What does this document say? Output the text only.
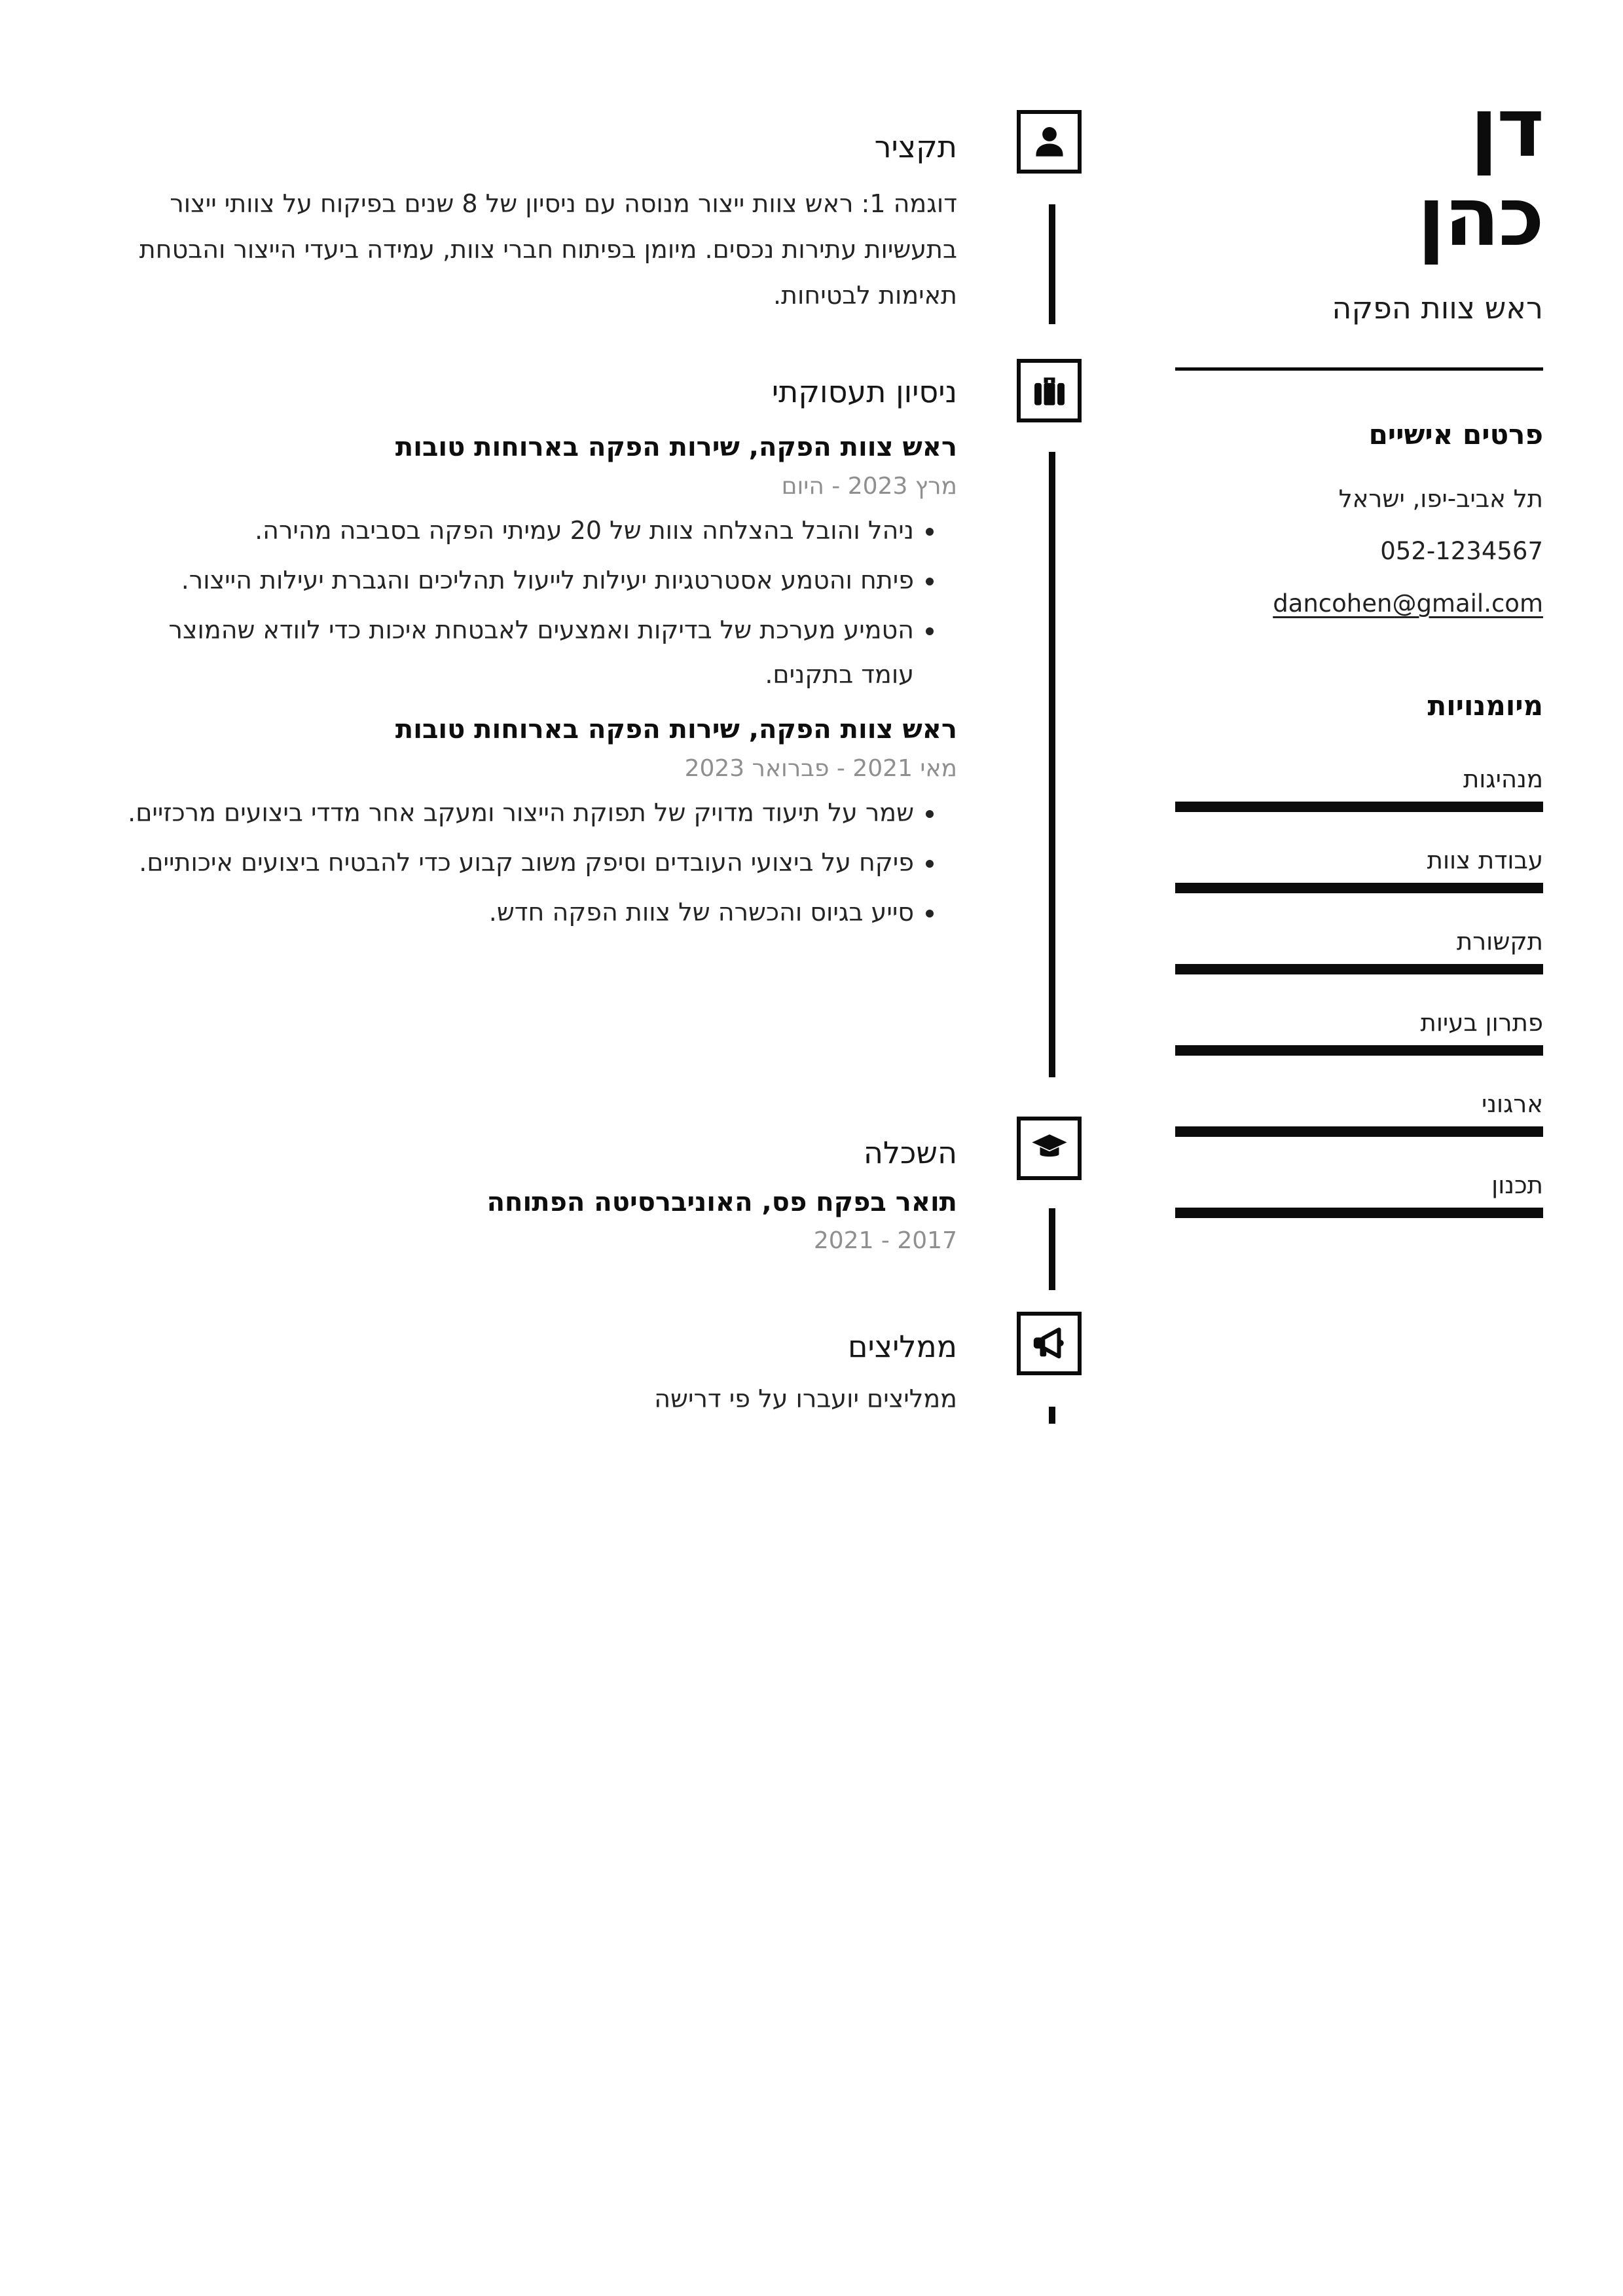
דן
כהן
ראש צוות הפקה
פרטים אישיים
תל אביב-יפו, ישראל
052-1234567
dancohen@gmail.com
מיומנויות
מנהיגות
עבודת צוות
תקשורת
פתרון בעיות
ארגוני
תכנון
תקציר

דוגמה 1: ראש צוות ייצור מנוסה עם ניסיון של 8 שנים בפיקוח על צוותי ייצור בתעשיות עתירות נכסים. מיומן בפיתוח חברי צוות, עמידה ביעדי הייצור והבטחת תאימות לבטיחות.

ניסיון תעסוקתי
ראש צוות הפקה, שירות הפקה בארוחות טובות
מרץ 2023 - היום
• ניהל והובל בהצלחה צוות של 20 עמיתי הפקה בסביבה מהירה.
• פיתח והטמע אסטרטגיות יעילות לייעול תהליכים והגברת יעילות הייצור.
• הטמיע מערכת של בדיקות ואמצעים לאבטחת איכות כדי לוודא שהמוצר עומד בתקנים.
ראש צוות הפקה, שירות הפקה בארוחות טובות
מאי 2021 - פברואר 2023
• שמר על תיעוד מדויק של תפוקת הייצור ומעקב אחר מדדי ביצועים מרכזיים.
• פיקח על ביצועי העובדים וסיפק משוב קבוע כדי להבטיח ביצועים איכותיים.
• סייע בגיוס והכשרה של צוות הפקה חדש.
השכלה
תואר בפקח פס, האוניברסיטה הפתוחה
2017 - 2021
ממליצים

ממליצים יועברו על פי דרישה
